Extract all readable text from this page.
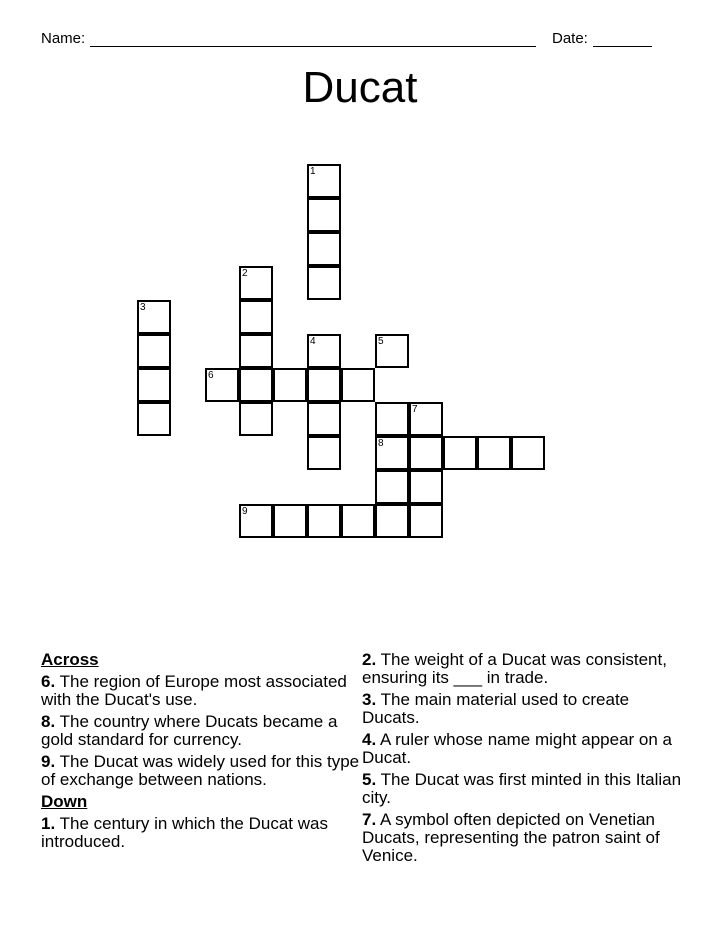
Name:	Date:
Ducat
1
2
3
6
4	5
8
7
9
Across
6. The region of Europe most associated with the Ducat's use.
8. The country where Ducats became a gold standard for currency.
9. The Ducat was widely used for this type of exchange between nations.
Down
1. The century in which the Ducat was introduced.
2. The weight of a Ducat was consistent, ensuring its ___ in trade.
3. The main material used to create Ducats.
4. A ruler whose name might appear on a Ducat.
5. The Ducat was first minted in this Italian city.
7. A symbol often depicted on Venetian Ducats, representing the patron saint of Venice.
